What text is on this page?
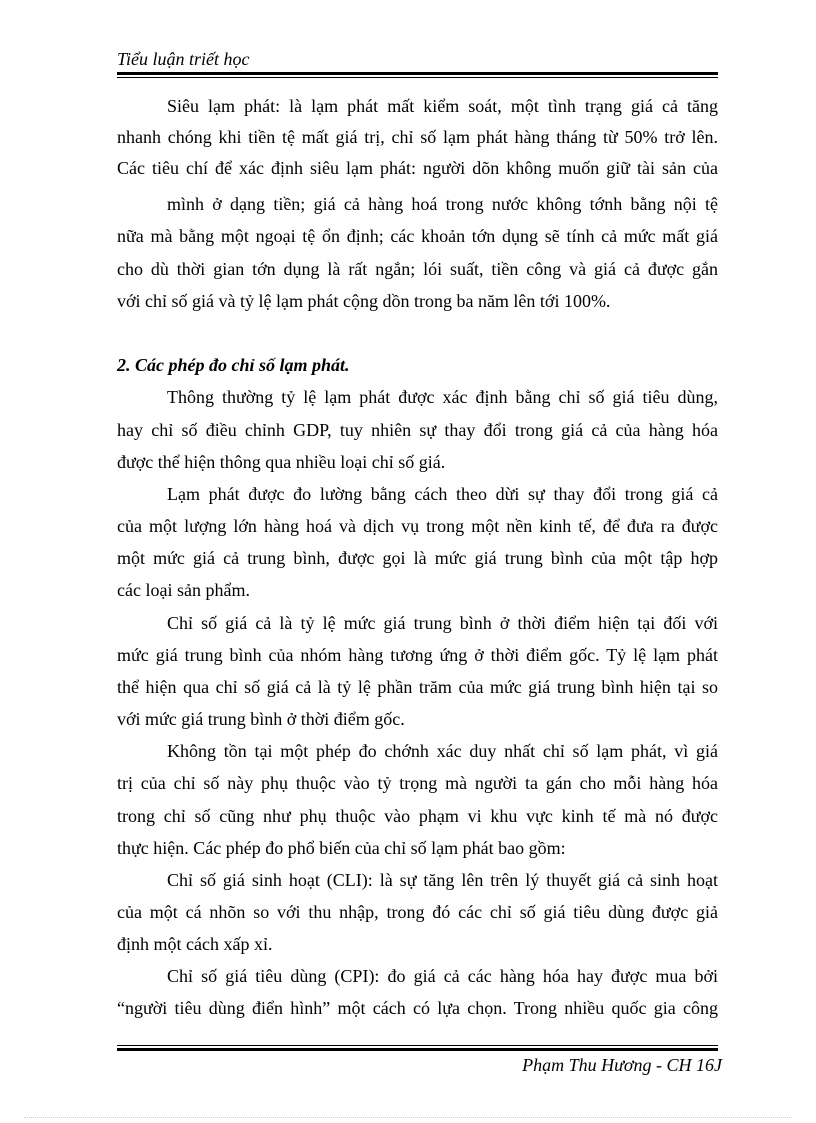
Tiểu luận triết học
Siêu lạm phát: là lạm phát mất kiểm soát, một tình trạng giá cả tăng
nhanh chóng khi tiền tệ mất giá trị, chỉ số lạm phát hàng tháng từ 50% trở lên.
Các tiêu chí để xác định siêu lạm phát: người dõn không muốn giữ tài sản của
mình ở dạng tiền; giá cả hàng hoá trong nước không tớnh bằng nội tệ
nữa mà bằng một ngoại tệ ổn định; các khoản tớn dụng sẽ tính cả mức mất giá
cho dù thời gian tớn dụng là rất ngắn; lói suất, tiền công và giá cả được gắn
với chỉ số giá và tỷ lệ lạm phát cộng dồn trong ba năm lên tới 100%.
2. Các phép đo chỉ số lạm phát.
Thông thường tỷ lệ lạm phát được xác định bằng chỉ số giá tiêu dùng,
hay chỉ số điều chỉnh GDP, tuy nhiên sự thay đổi trong giá cả của hàng hóa
được thể hiện thông qua nhiều loại chỉ số giá.
Lạm phát được đo lường bằng cách theo dừi sự thay đổi trong giá cả
của một lượng lớn hàng hoá và dịch vụ trong một nền kinh tế, để đưa ra được
một mức giá cả trung bình, được gọi là mức giá trung bình của một tập hợp
các loại sản phẩm.
Chỉ số giá cả là tỷ lệ mức giá trung bình ở thời điểm hiện tại đối với
mức giá trung bình của nhóm hàng tương ứng ở thời điểm gốc. Tỷ lệ lạm phát
thể hiện qua chỉ số giá cả là tỷ lệ phần trăm của mức giá trung bình hiện tại so
với mức giá trung bình ở thời điểm gốc.
Không tồn tại một phép đo chớnh xác duy nhất chỉ số lạm phát, vì giá
trị của chỉ số này phụ thuộc vào tỷ trọng mà người ta gán cho mỗi hàng hóa
trong chỉ số cũng như phụ thuộc vào phạm vi khu vực kinh tế mà nó được
thực hiện. Các phép đo phổ biến của chỉ số lạm phát bao gồm:
Chỉ số giá sinh hoạt (CLI): là sự tăng lên trên lý thuyết giá cả sinh hoạt
của một cá nhõn so với thu nhập, trong đó các chỉ số giá tiêu dùng được giả
định một cách xấp xỉ.
Chỉ số giá tiêu dùng (CPI): đo giá cả các hàng hóa hay được mua bởi
“người tiêu dùng điển hình” một cách có lựa chọn. Trong nhiều quốc gia công
Phạm Thu Hương - CH 16J
